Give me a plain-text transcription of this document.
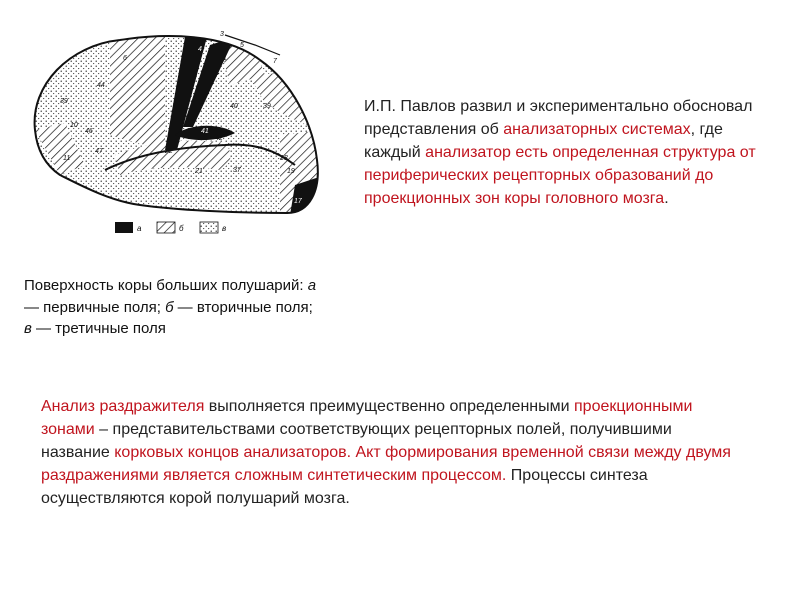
39
10
46
47
11
6
44
3
4
5
7
1
8
40	39
41
42
22
21	37
18
19
17
а	б	в
И.П. Павлов развил и экспериментально обосновал представления об анализаторных системах, где каждый анализатор есть определенная структура от периферических рецепторных образований до проекционных зон коры головного мозга.
Поверхность коры больших полушарий: а — первичные поля; б — вторичные поля; в — третичные поля
Анализ раздражителя выполняется преимущественно определенными проекционными зонами – представительствами соответствующих рецепторных полей, получившими название корковых концов анализаторов. Акт формирования временной связи между двумя раздражениями является сложным синтетическим процессом. Процессы синтеза осуществляются корой полушарий мозга.
